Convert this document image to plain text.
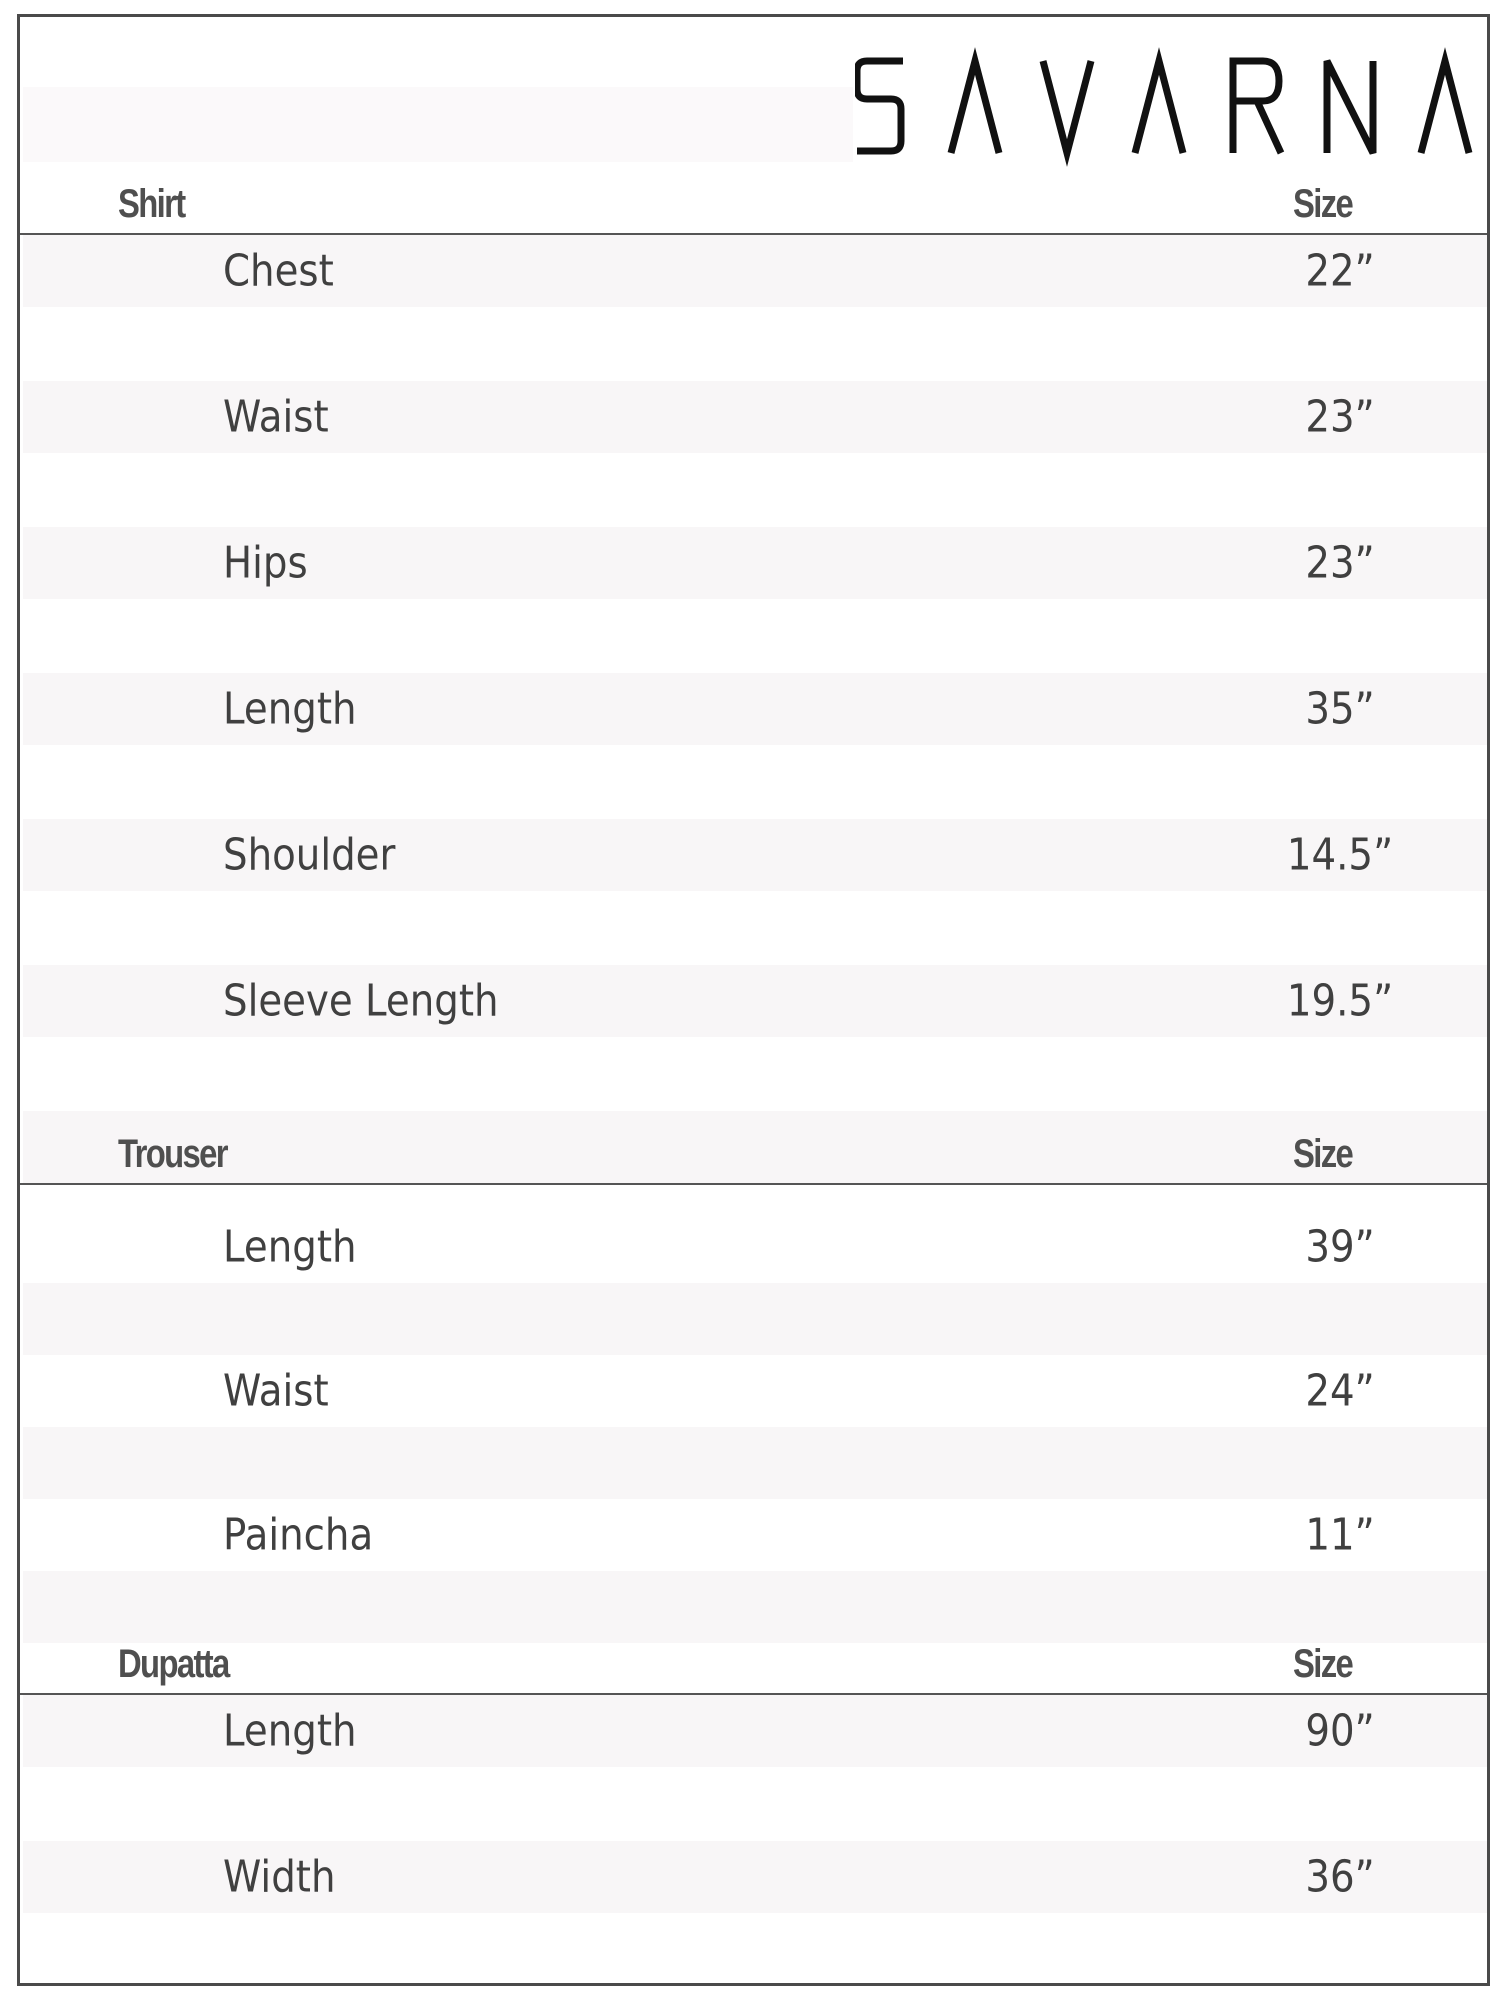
Shirt	Size
Chest	22”
Waist	23”
Hips	23”
Length	35”
Shoulder	14.5”
Sleeve Length	19.5”
Trouser	Size
Length	39”
Waist	24”
Paincha	11”
Dupatta	Size
Length	90”
Width	36”
